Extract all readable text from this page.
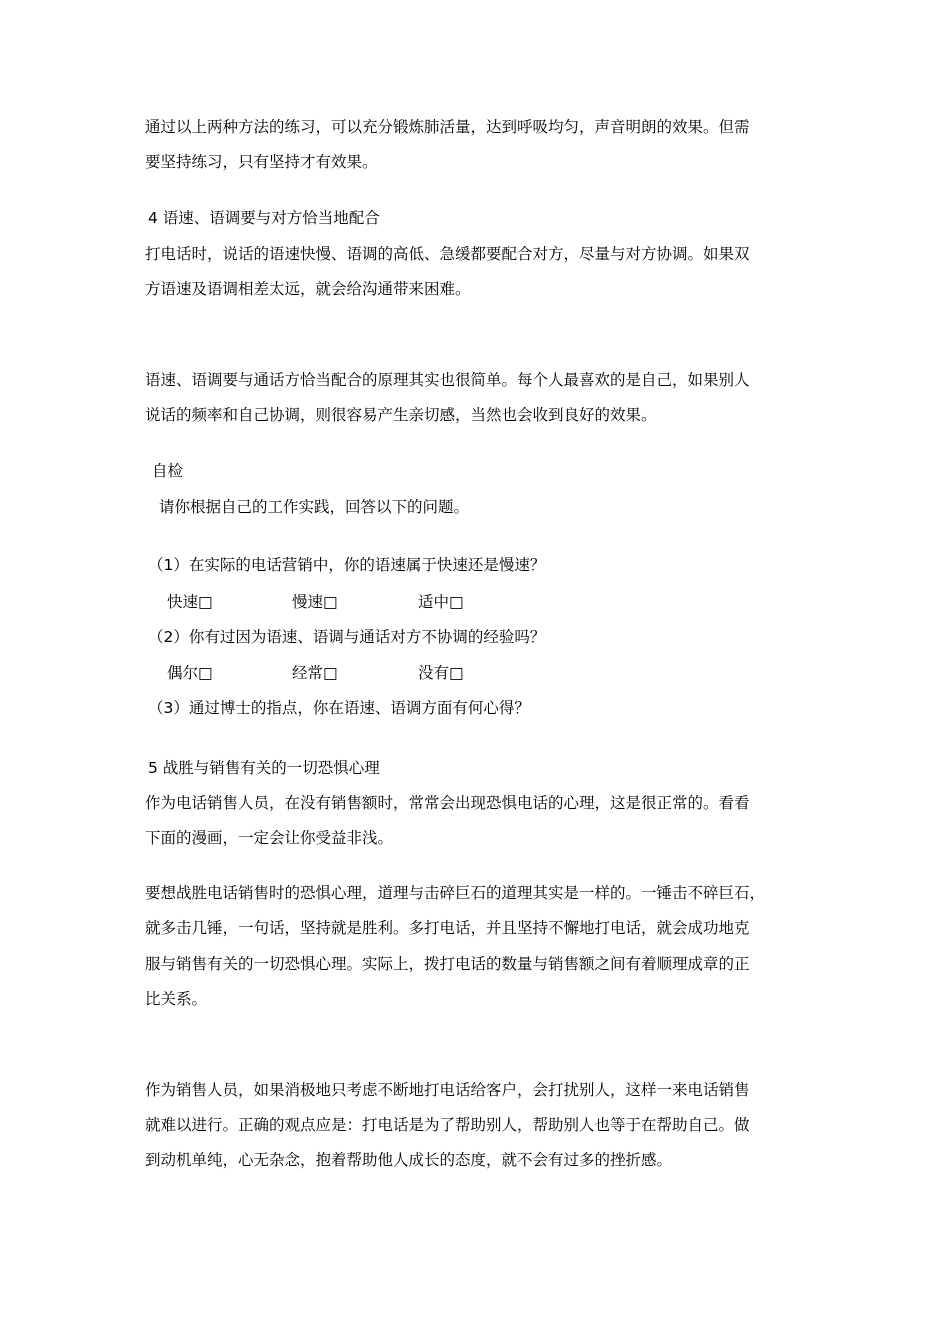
通过以上两种方法的练习，可以充分锻炼肺活量，达到呼吸均匀，声音明朗的效果。但需

要坚持练习，只有坚持才有效果。

4 语速、语调要与对方恰当地配合

打电话时，说话的语速快慢、语调的高低、急缓都要配合对方，尽量与对方协调。如果双

方语速及语调相差太远，就会给沟通带来困难。

语速、语调要与通话方恰当配合的原理其实也很简单。每个人最喜欢的是自己，如果别人

说话的频率和自己协调，则很容易产生亲切感，当然也会收到良好的效果。

自检

请你根据自己的工作实践，回答以下的问题。

（1）在实际的电话营销中，你的语速属于快速还是慢速？

快速□	慢速□	适中□

（2）你有过因为语速、语调与通话对方不协调的经验吗？

偶尔□	经常□	没有□

（3）通过博士的指点，你在语速、语调方面有何心得？

5 战胜与销售有关的一切恐惧心理

作为电话销售人员，在没有销售额时，常常会出现恐惧电话的心理，这是很正常的。看看

下面的漫画，一定会让你受益非浅。

要想战胜电话销售时的恐惧心理，道理与击碎巨石的道理其实是一样的。一锤击不碎巨石，

就多击几锤，一句话，坚持就是胜利。多打电话，并且坚持不懈地打电话，就会成功地克

服与销售有关的一切恐惧心理。实际上，拨打电话的数量与销售额之间有着顺理成章的正

比关系。

作为销售人员，如果消极地只考虑不断地打电话给客户，会打扰别人，这样一来电话销售

就难以进行。正确的观点应是：打电话是为了帮助别人，帮助别人也等于在帮助自己。做

到动机单纯，心无杂念，抱着帮助他人成长的态度，就不会有过多的挫折感。
